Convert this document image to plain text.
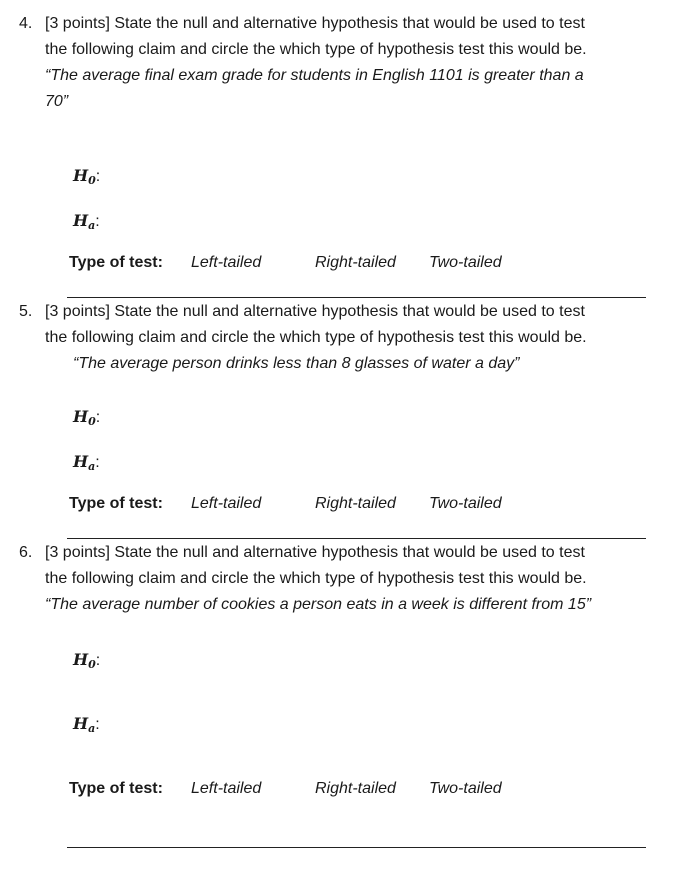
4. [3 points] State the null and alternative hypothesis that would be used to test
the following claim and circle the which type of hypothesis test this would be.
“The average final exam grade for students in English 1101 is greater than a
70”
$H_0$:
$H_a$:
Type of test: Left-tailed	Right-tailed Two-tailed
5. [3 points] State the null and alternative hypothesis that would be used to test
the following claim and circle the which type of hypothesis test this would be.
“The average person drinks less than 8 glasses of water a day”
$H_0$:
$H_a$:
Type of test: Left-tailed	Right-tailed Two-tailed
6. [3 points] State the null and alternative hypothesis that would be used to test
the following claim and circle the which type of hypothesis test this would be.
“The average number of cookies a person eats in a week is different from 15”
$H_0$:
$H_a$:
Type of test: Left-tailed	Right-tailed Two-tailed
